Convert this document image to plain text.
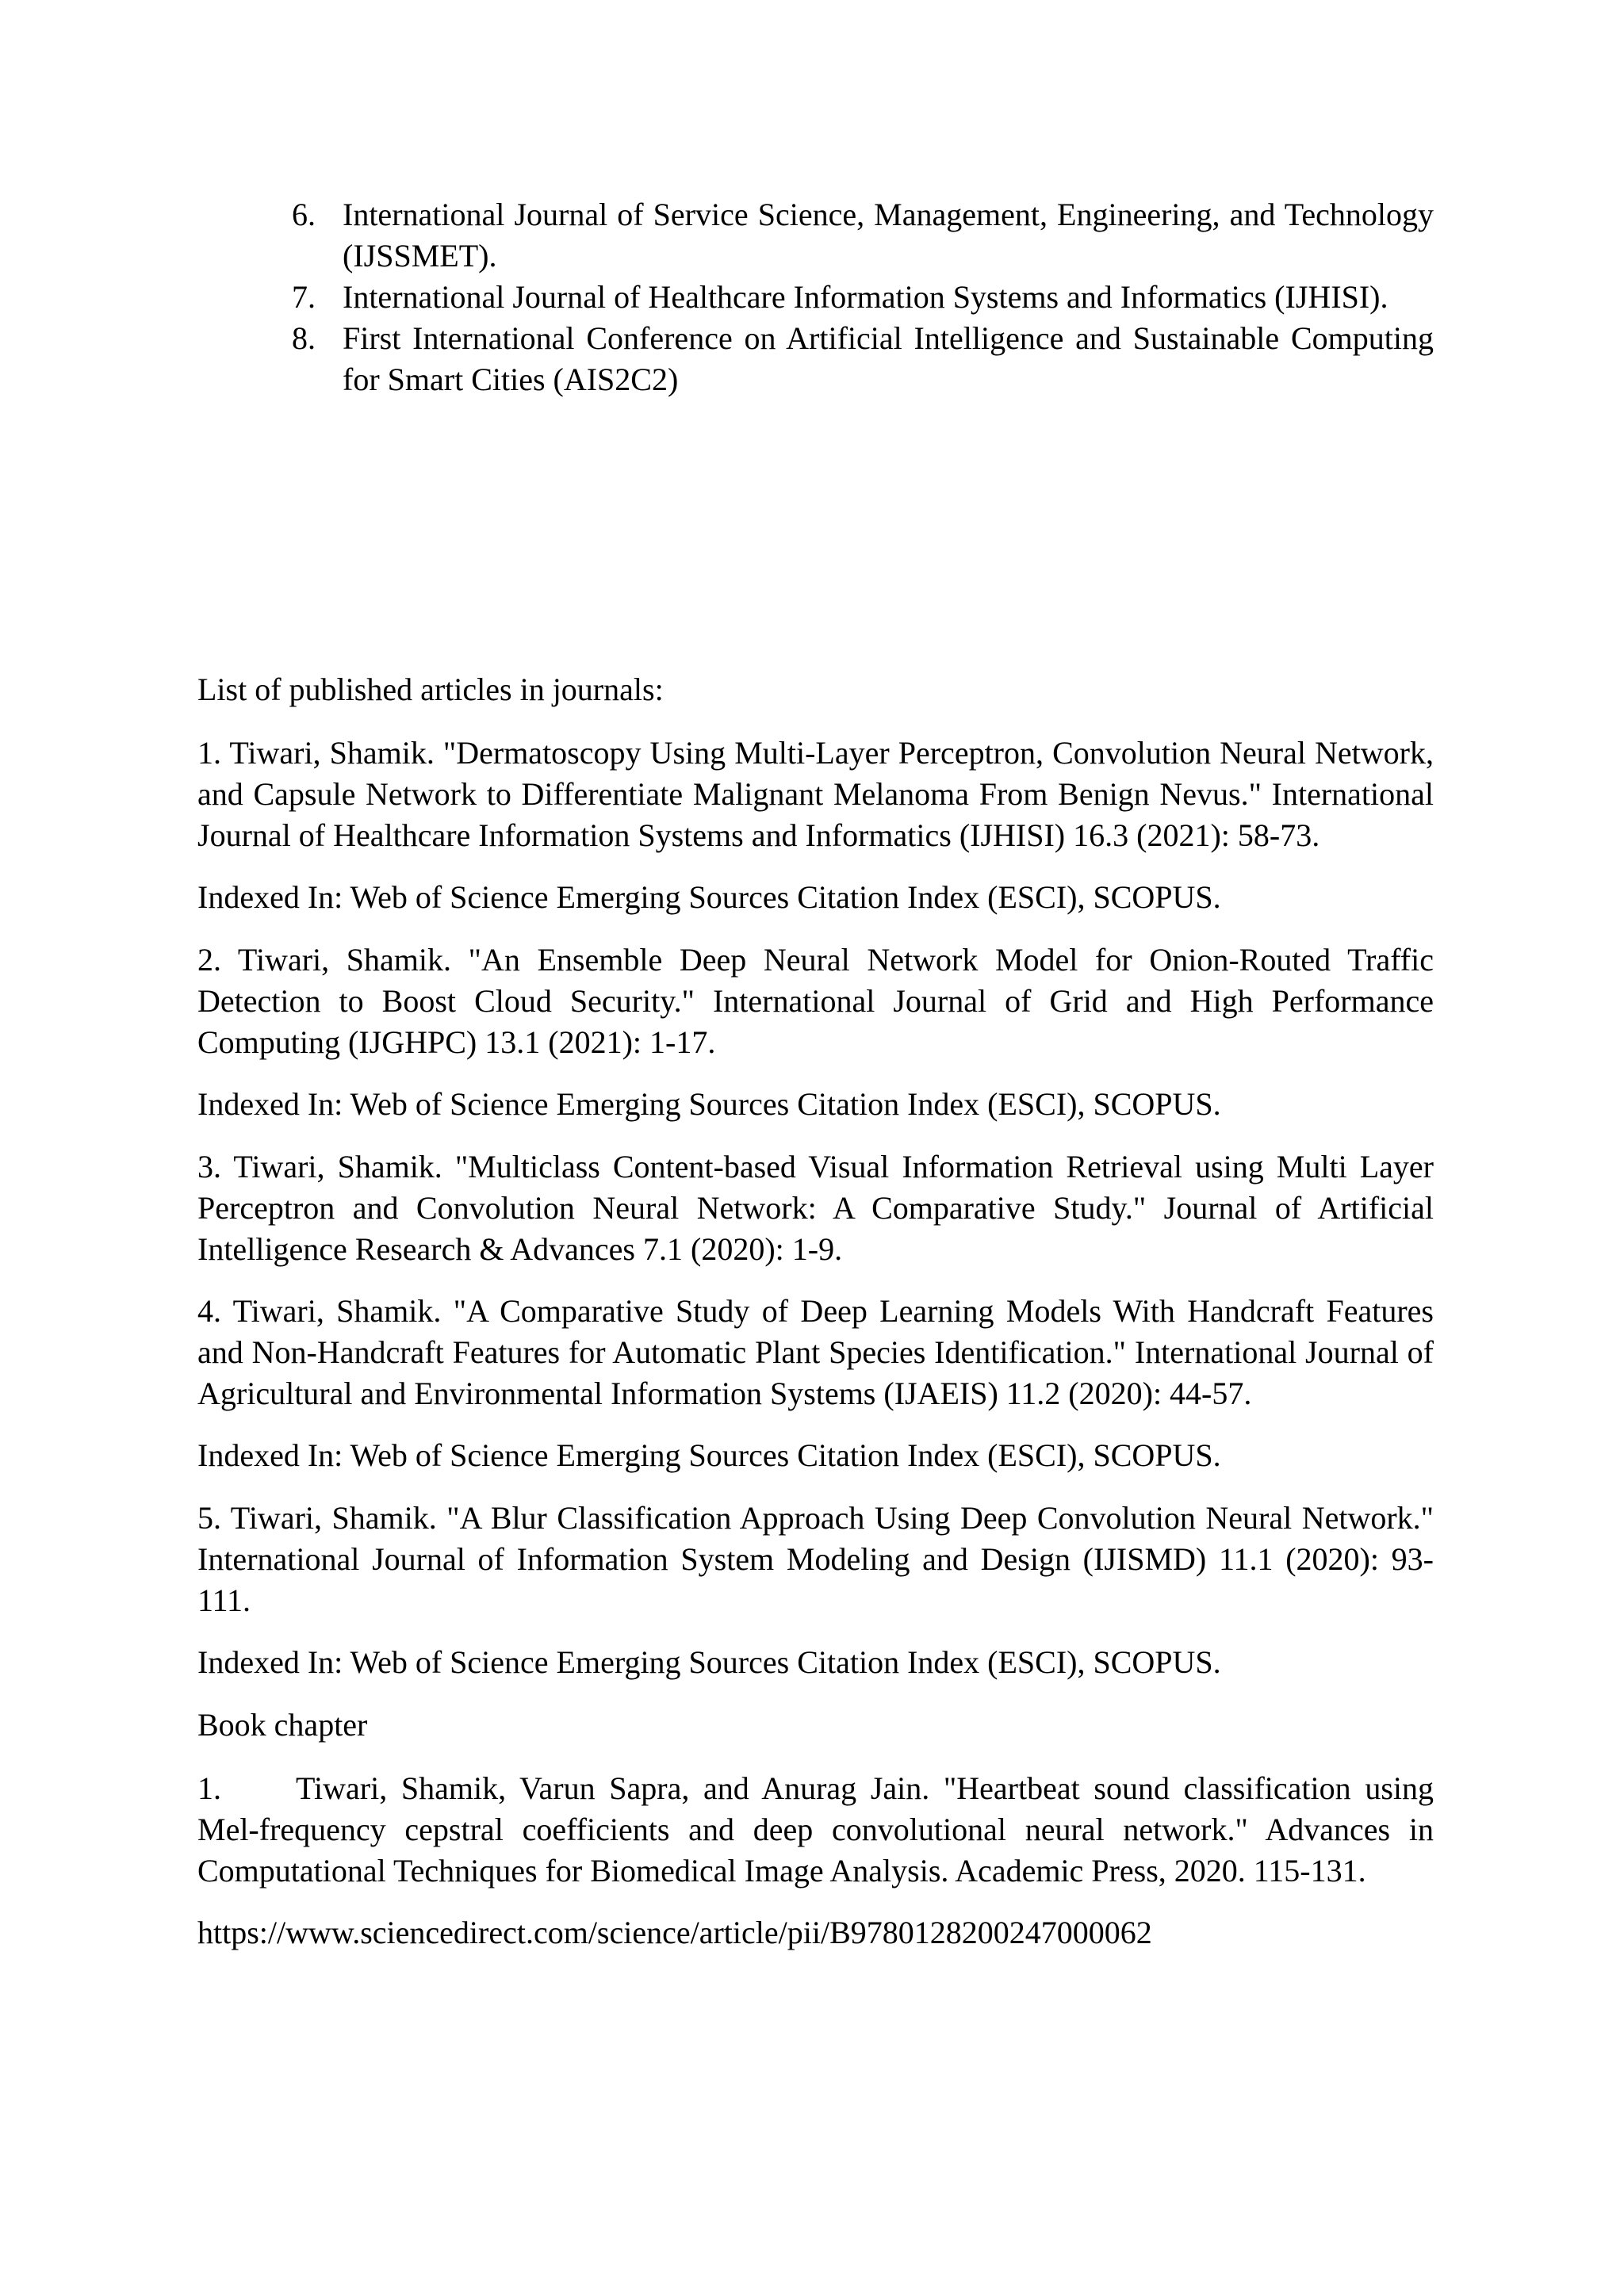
6. International Journal of Service Science, Management, Engineering, and Technology (IJSSMET).
7. International Journal of Healthcare Information Systems and Informatics (IJHISI).
8. First International Conference on Artificial Intelligence and Sustainable Computing for Smart Cities (AIS2C2)

List of published articles in journals:

1. Tiwari, Shamik. "Dermatoscopy Using Multi-Layer Perceptron, Convolution Neural Network, and Capsule Network to Differentiate Malignant Melanoma From Benign Nevus." International Journal of Healthcare Information Systems and Informatics (IJHISI) 16.3 (2021): 58-73.

Indexed In: Web of Science Emerging Sources Citation Index (ESCI), SCOPUS.

2. Tiwari, Shamik. "An Ensemble Deep Neural Network Model for Onion-Routed Traffic Detection to Boost Cloud Security." International Journal of Grid and High Performance Computing (IJGHPC) 13.1 (2021): 1-17.

Indexed In: Web of Science Emerging Sources Citation Index (ESCI), SCOPUS.

3. Tiwari, Shamik. "Multiclass Content-based Visual Information Retrieval using Multi Layer Perceptron and Convolution Neural Network: A Comparative Study." Journal of Artificial Intelligence Research & Advances 7.1 (2020): 1-9.

4. Tiwari, Shamik. "A Comparative Study of Deep Learning Models With Handcraft Features and Non-Handcraft Features for Automatic Plant Species Identification." International Journal of Agricultural and Environmental Information Systems (IJAEIS) 11.2 (2020): 44-57.

Indexed In: Web of Science Emerging Sources Citation Index (ESCI), SCOPUS.

5. Tiwari, Shamik. "A Blur Classification Approach Using Deep Convolution Neural Network." International Journal of Information System Modeling and Design (IJISMD) 11.1 (2020): 93-111.

Indexed In: Web of Science Emerging Sources Citation Index (ESCI), SCOPUS.

Book chapter

1. Tiwari, Shamik, Varun Sapra, and Anurag Jain. "Heartbeat sound classification using Mel-frequency cepstral coefficients and deep convolutional neural network." Advances in Computational Techniques for Biomedical Image Analysis. Academic Press, 2020. 115-131.

https://www.sciencedirect.com/science/article/pii/B9780128200247000062
